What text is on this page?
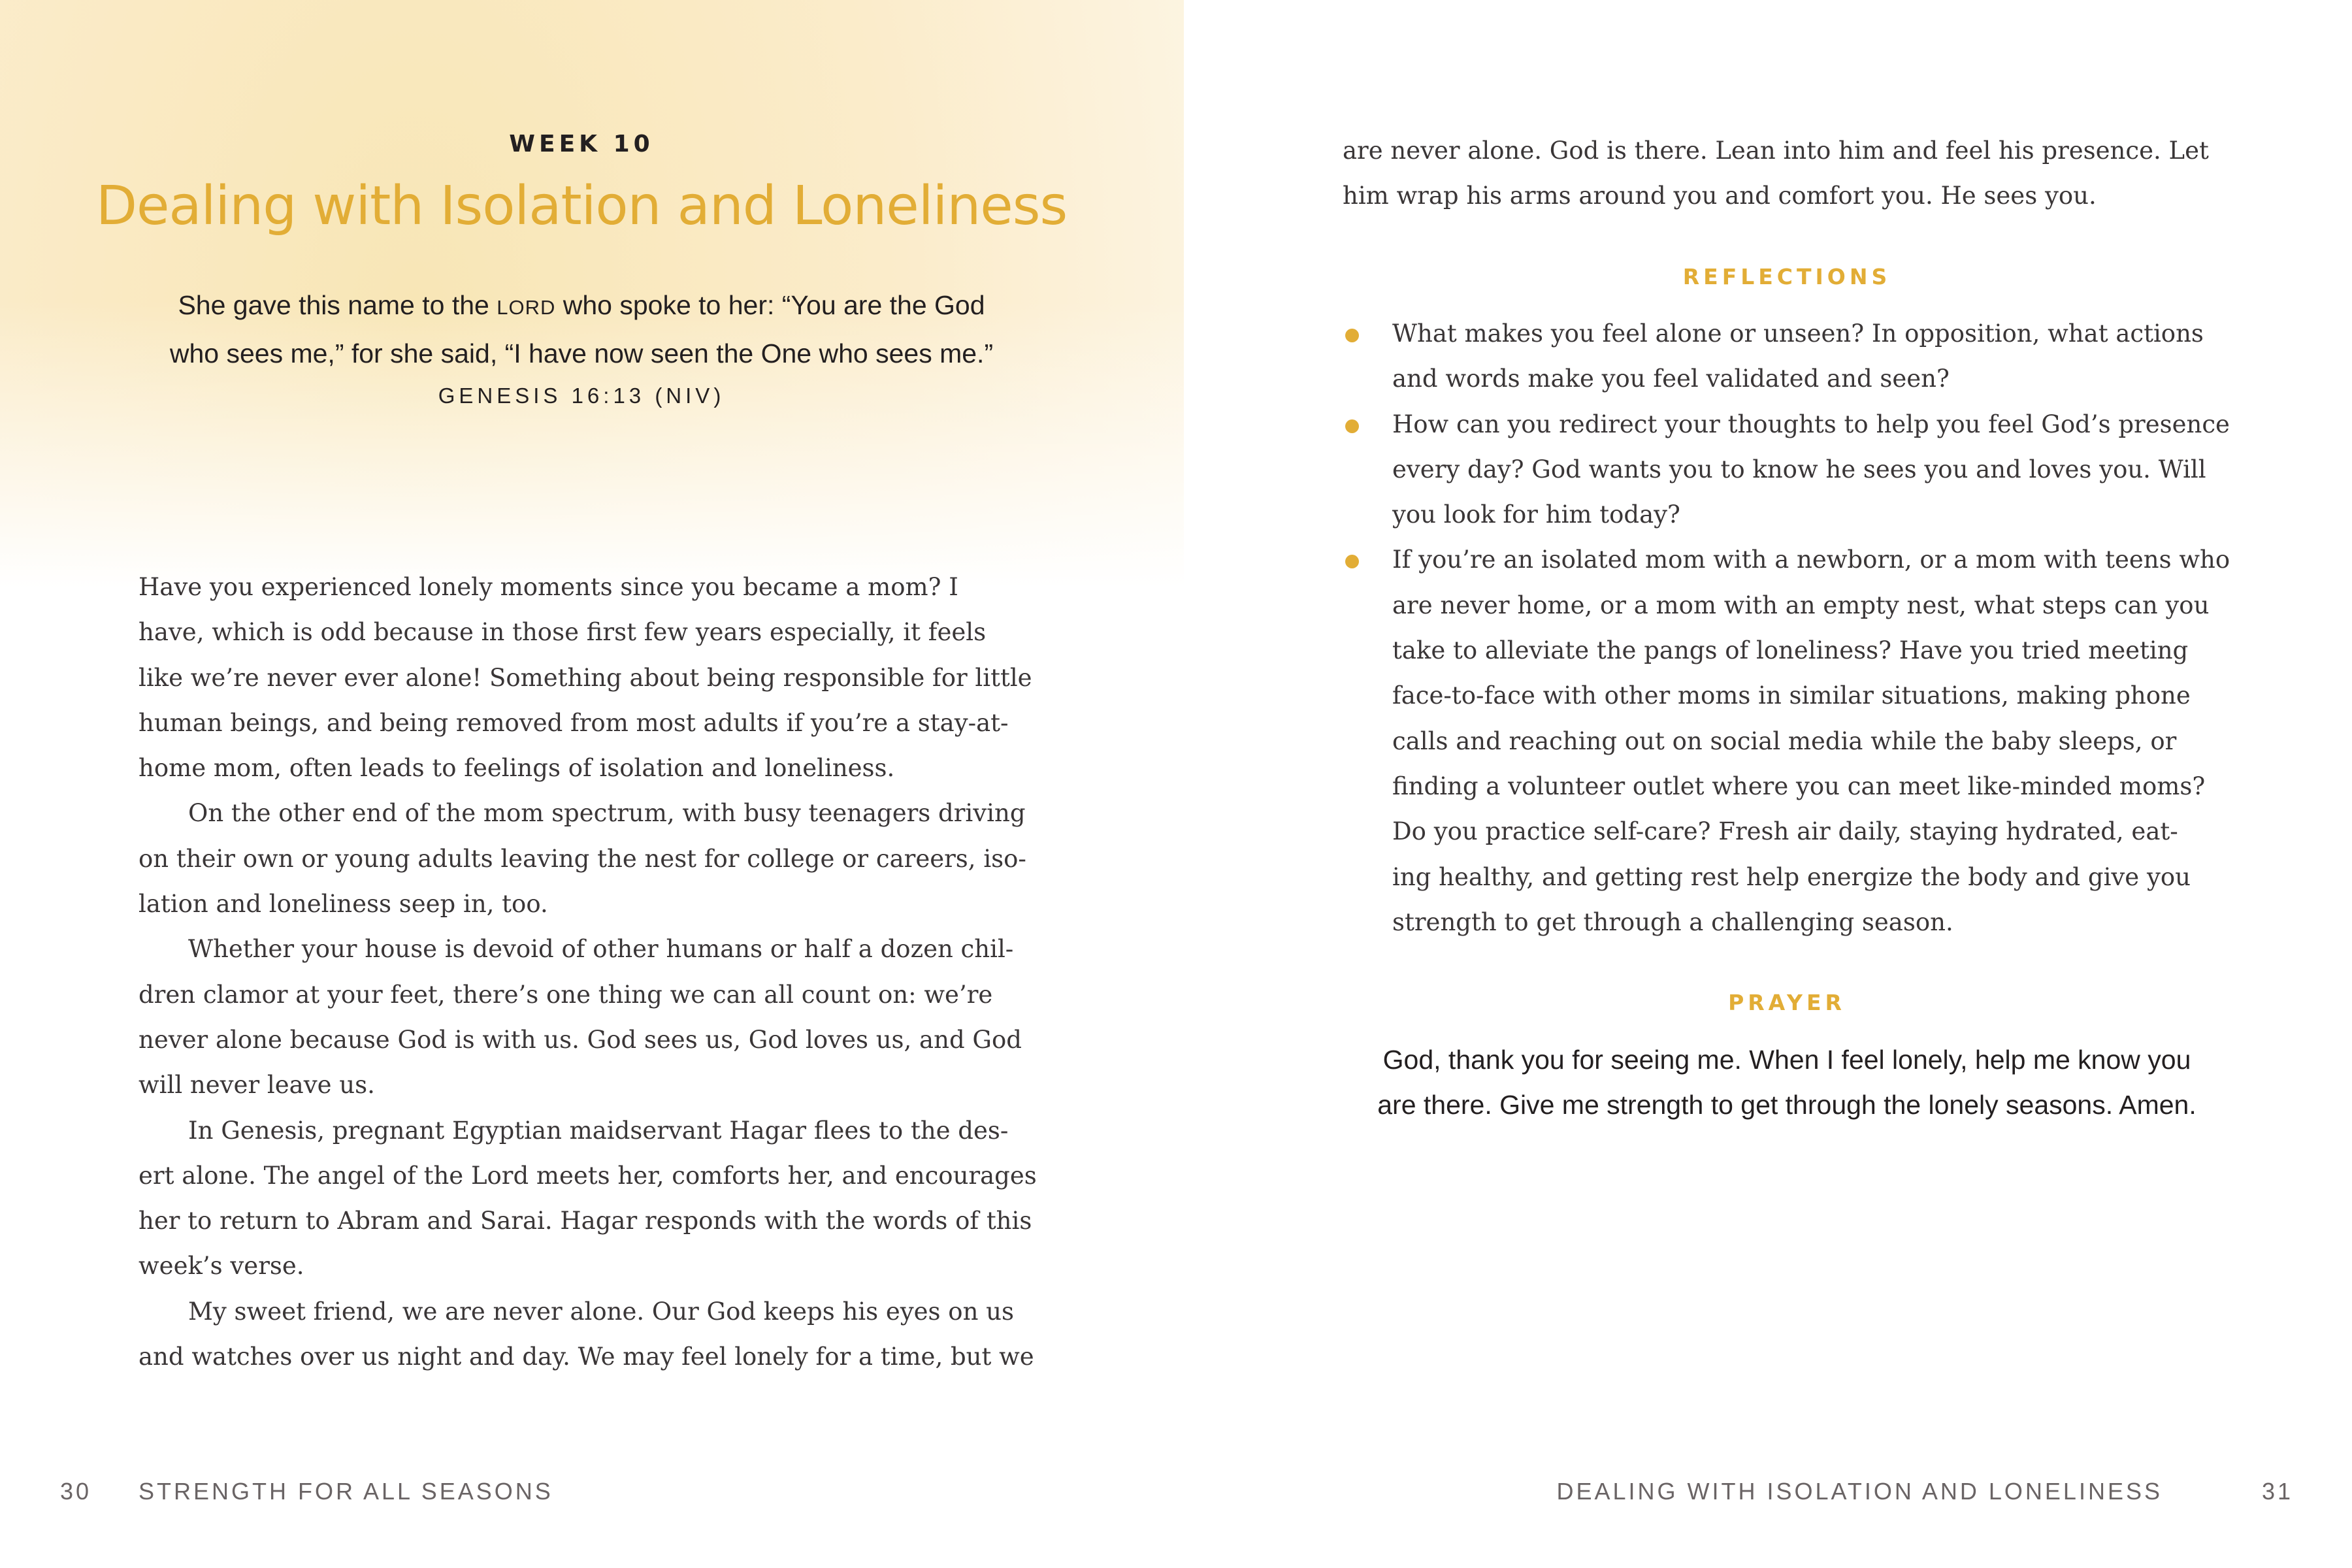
WEEK 10
Dealing with Isolation and Loneliness
She gave this name to the LORD who spoke to her: “You are the God
who sees me,” for she said, “I have now seen the One who sees me.”
GENESIS 16:13 (NIV)

Have you experienced lonely moments since you became a mom? I

have, which is odd because in those first few years especially, it feels

like we’re never ever alone! Something about being responsible for little

human beings, and being removed from most adults if you’re a stay-at-

home mom, often leads to feelings of isolation and loneliness.

On the other end of the mom spectrum, with busy teenagers driving

on their own or young adults leaving the nest for college or careers, iso-

lation and loneliness seep in, too.

Whether your house is devoid of other humans or half a dozen chil-

dren clamor at your feet, there’s one thing we can all count on: we’re

never alone because God is with us. God sees us, God loves us, and God

will never leave us.

In Genesis, pregnant Egyptian maidservant Hagar flees to the des-

ert alone. The angel of the Lord meets her, comforts her, and encourages

her to return to Abram and Sarai. Hagar responds with the words of this

week’s verse.

My sweet friend, we are never alone. Our God keeps his eyes on us

and watches over us night and day. We may feel lonely for a time, but we

30 STRENGTH FOR ALL SEASONS
are never alone. God is there. Lean into him and feel his presence. Let
him wrap his arms around you and comfort you. He sees you.
REFLECTIONS
What makes you feel alone or unseen? In opposition, what actions
and words make you feel validated and seen?
How can you redirect your thoughts to help you feel God’s presence
every day? God wants you to know he sees you and loves you. Will
you look for him today?
If you’re an isolated mom with a newborn, or a mom with teens who
are never home, or a mom with an empty nest, what steps can you
take to alleviate the pangs of loneliness? Have you tried meeting
face-to-face with other moms in similar situations, making phone
calls and reaching out on social media while the baby sleeps, or
finding a volunteer outlet where you can meet like-minded moms?
Do you practice self-care? Fresh air daily, staying hydrated, eat-
ing healthy, and getting rest help energize the body and give you
strength to get through a challenging season.
PRAYER
God, thank you for seeing me. When I feel lonely, help me know you
are there. Give me strength to get through the lonely seasons. Amen.
DEALING WITH ISOLATION AND LONELINESS	31
